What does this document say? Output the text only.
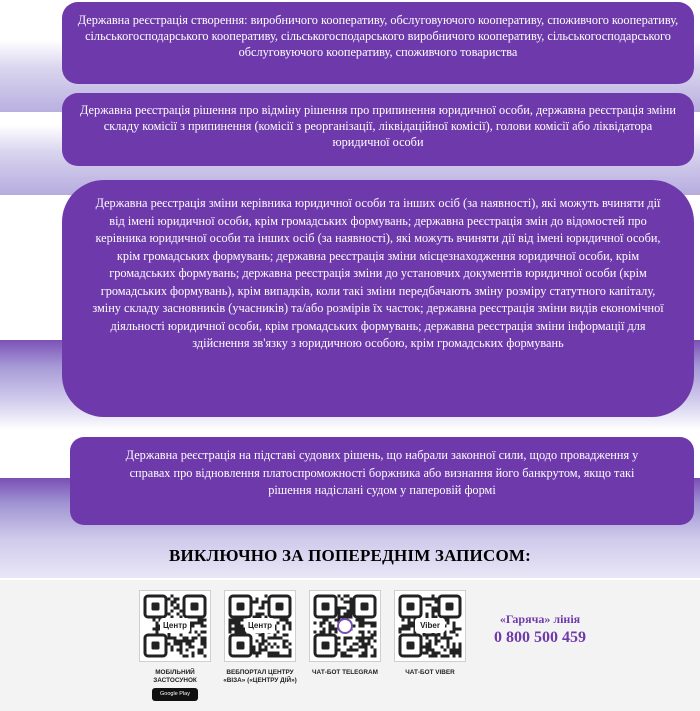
Державна реєстрація створення: виробничого кооперативу, обслуговуючого кооперативу, споживчого кооперативу, сільськогосподарського кооперативу, сільськогосподарського виробничого кооперативу, сільськогосподарського обслуговуючого кооперативу, споживчого товариства
Державна реєстрація рішення про відміну рішення про припинення юридичної особи, державна реєстрація зміни складу комісії з припинення (комісії з реорганізації, ліквідаційної комісії), голови комісії або ліквідатора юридичної особи
Державна реєстрація зміни керівника юридичної особи та інших осіб (за наявності), які можуть вчиняти дії від імені юридичної особи, крім громадських формувань; державна реєстрація змін до відомостей про керівника юридичної особи та інших осіб (за наявності), які можуть вчиняти дії від імені юридичної особи, крім громадських формувань; державна реєстрація зміни місцезнаходження юридичної особи, крім громадських формувань; державна реєстрація зміни до установчих документів юридичної особи (крім громадських формувань), крім випадків, коли такі зміни передбачають зміну розміру статутного капіталу, зміну складу засновників (учасників) та/або розмірів їх часток; державна реєстрація зміни видів економічної діяльності юридичної особи, крім громадських формувань; державна реєстрація зміни інформації для здійснення зв'язку з юридичною особою, крім громадських формувань
Державна реєстрація на підставі судових рішень, що набрали законної сили, щодо провадження у справах про відновлення платоспроможності боржника або визнання його банкрутом, якщо такі рішення надіслані судом у паперовій формі
ВИКЛЮЧНО ЗА ПОПЕРЕДНІМ ЗАПИСОМ:
Центр
МОБІЛЬНИЙ ЗАСТОСУНОК
Google Play
Центр
ВЕБПОРТАЛ ЦЕНТРУ «ВІЗА» («ЦЕНТРУ ДІЙ»)
ЧАТ-БОТ TELEGRAM
Viber
ЧАТ-БОТ VIBER
«Гаряча» лінія
0 800 500 459
